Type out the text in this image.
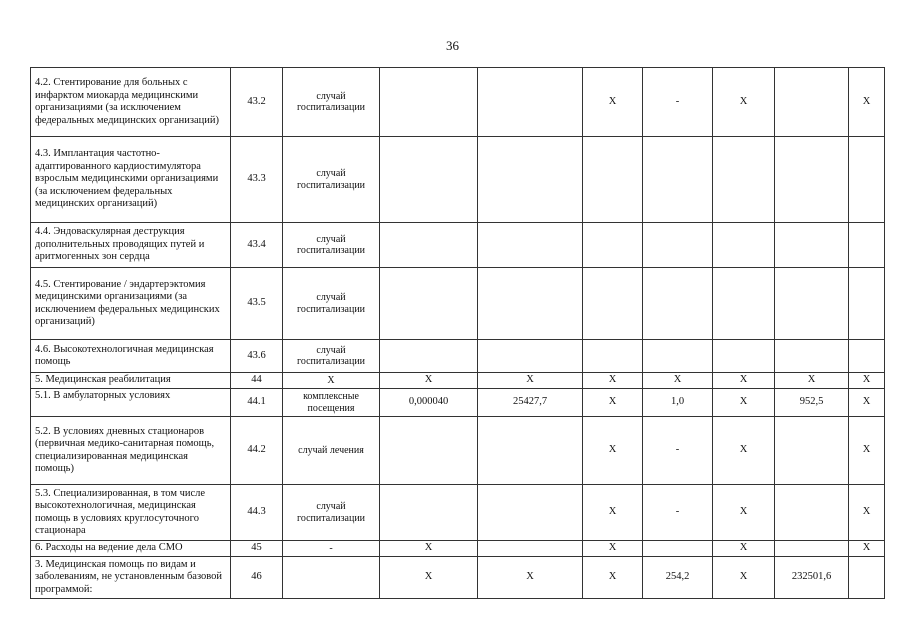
36
4.2. Стентирование для больных с инфарктом миокарда медицинскими организациями (за исключением федеральных медицинских организаций)	43.2	случай госпитализации			X	-	X		X
4.3. Имплантация частотно-адаптированного кардиостимулятора взрослым медицинскими организациями (за исключением федеральных медицинских организаций)	43.3	случай госпитализации							
4.4. Эндоваскулярная деструкция дополнительных проводящих путей и аритмогенных зон сердца	43.4	случай госпитализации							
4.5. Стентирование / эндартерэктомия медицинскими организациями (за исключением федеральных медицинских организаций)	43.5	случай госпитализации							
4.6. Высокотехнологичная медицинская помощь	43.6	случай госпитализации							
5. Медицинская реабилитация	44	X	X	X	X	X	X	X	X
5.1. В амбулаторных условиях	44.1	комплексные посещения	0,000040	25427,7	X	1,0	X	952,5	X
5.2. В условиях дневных стационаров (первичная медико-санитарная помощь, специализированная медицинская помощь)	44.2	случай лечения			X	-	X		X
5.3. Специализированная, в том числе высокотехнологичная, медицинская помощь в условиях круглосуточного стационара	44.3	случай госпитализации			X	-	X		X
6. Расходы на ведение дела СМО	45	-	X		X		X		X
3. Медицинская помощь по видам и заболеваниям, не установленным базовой программой:	46		X	X	X	254,2	X	232501,6	
